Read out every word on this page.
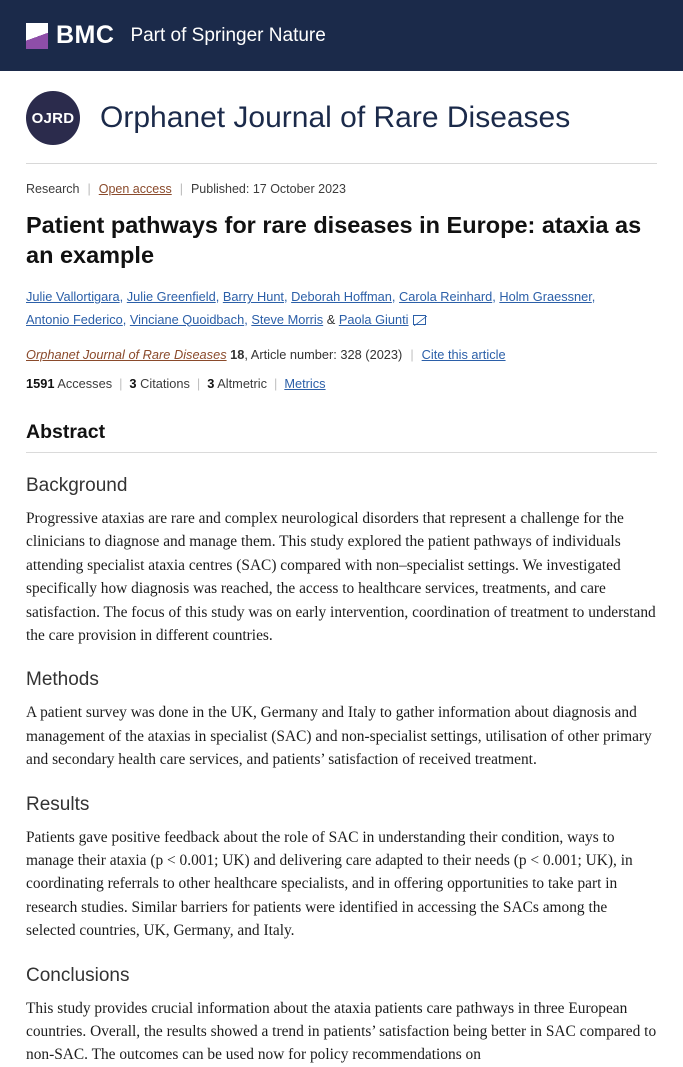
BMC Part of Springer Nature
OJRD Orphanet Journal of Rare Diseases
Research | Open access | Published: 17 October 2023
Patient pathways for rare diseases in Europe: ataxia as an example
Julie Vallortigara, Julie Greenfield, Barry Hunt, Deborah Hoffman, Carola Reinhard, Holm Graessner, Antonio Federico, Vinciane Quoidbach, Steve Morris & Paola Giunti
Orphanet Journal of Rare Diseases 18, Article number: 328 (2023) | Cite this article
1591 Accesses | 3 Citations | 3 Altmetric | Metrics
Abstract
Background

Progressive ataxias are rare and complex neurological disorders that represent a challenge for the clinicians to diagnose and manage them. This study explored the patient pathways of individuals attending specialist ataxia centres (SAC) compared with non–specialist settings. We investigated specifically how diagnosis was reached, the access to healthcare services, treatments, and care satisfaction. The focus of this study was on early intervention, coordination of treatment to understand the care provision in different countries.

Methods

A patient survey was done in the UK, Germany and Italy to gather information about diagnosis and management of the ataxias in specialist (SAC) and non-specialist settings, utilisation of other primary and secondary health care services, and patients’ satisfaction of received treatment.

Results

Patients gave positive feedback about the role of SAC in understanding their condition, ways to manage their ataxia (p < 0.001; UK) and delivering care adapted to their needs (p < 0.001; UK), in coordinating referrals to other healthcare specialists, and in offering opportunities to take part in research studies. Similar barriers for patients were identified in accessing the SACs among the selected countries, UK, Germany, and Italy.

Conclusions

This study provides crucial information about the ataxia patients care pathways in three European countries. Overall, the results showed a trend in patients’ satisfaction being better in SAC compared to non-SAC. The outcomes can be used now for policy recommendations on
